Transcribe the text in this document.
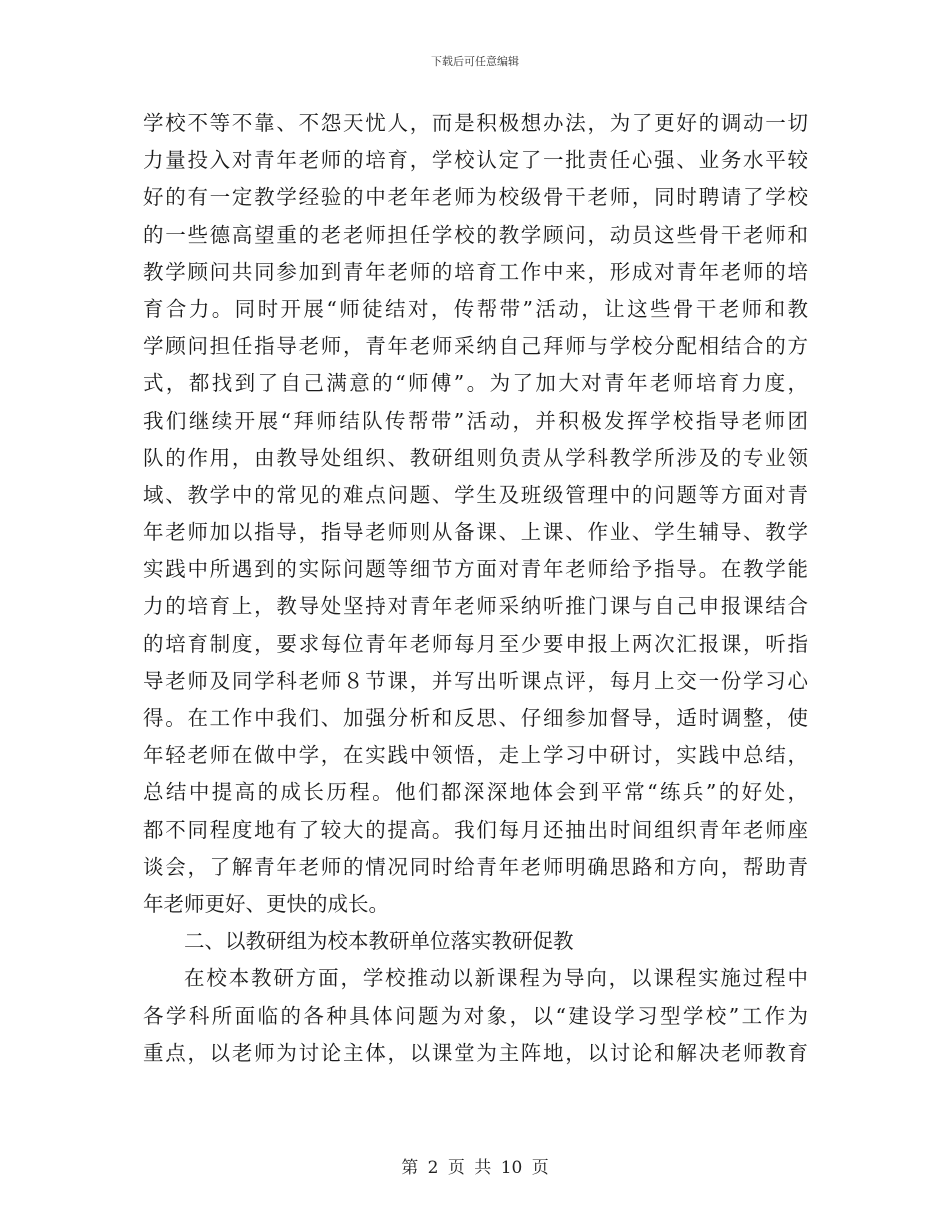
下载后可任意编辑
学校不等不靠、不怨天忧人，而是积极想办法，为了更好的调动一切
力量投入对青年老师的培育，学校认定了一批责任心强、业务水平较
好的有一定教学经验的中老年老师为校级骨干老师，同时聘请了学校
的一些德高望重的老老师担任学校的教学顾问，动员这些骨干老师和
教学顾问共同参加到青年老师的培育工作中来，形成对青年老师的培
育合力。同时开展“师徒结对，传帮带”活动，让这些骨干老师和教
学顾问担任指导老师，青年老师采纳自己拜师与学校分配相结合的方
式，都找到了自己满意的“师傅”。为了加大对青年老师培育力度，
我们继续开展“拜师结队传帮带”活动，并积极发挥学校指导老师团
队的作用，由教导处组织、教研组则负责从学科教学所涉及的专业领
域、教学中的常见的难点问题、学生及班级管理中的问题等方面对青
年老师加以指导，指导老师则从备课、上课、作业、学生辅导、教学
实践中所遇到的实际问题等细节方面对青年老师给予指导。在教学能
力的培育上，教导处坚持对青年老师采纳听推门课与自己申报课结合
的培育制度，要求每位青年老师每月至少要申报上两次汇报课，听指
导老师及同学科老师８节课，并写出听课点评，每月上交一份学习心
得。在工作中我们、加强分析和反思、仔细参加督导，适时调整，使
年轻老师在做中学，在实践中领悟，走上学习中研讨，实践中总结，
总结中提高的成长历程。他们都深深地体会到平常“练兵”的好处，
都不同程度地有了较大的提高。我们每月还抽出时间组织青年老师座
谈会，了解青年老师的情况同时给青年老师明确思路和方向，帮助青
年老师更好、更快的成长。
二、以教研组为校本教研单位落实教研促教
在校本教研方面，学校推动以新课程为导向，以课程实施过程中
各学科所面临的各种具体问题为对象，以“建设学习型学校”工作为
重点，以老师为讨论主体，以课堂为主阵地，以讨论和解决老师教育
第 2 页 共 10 页
